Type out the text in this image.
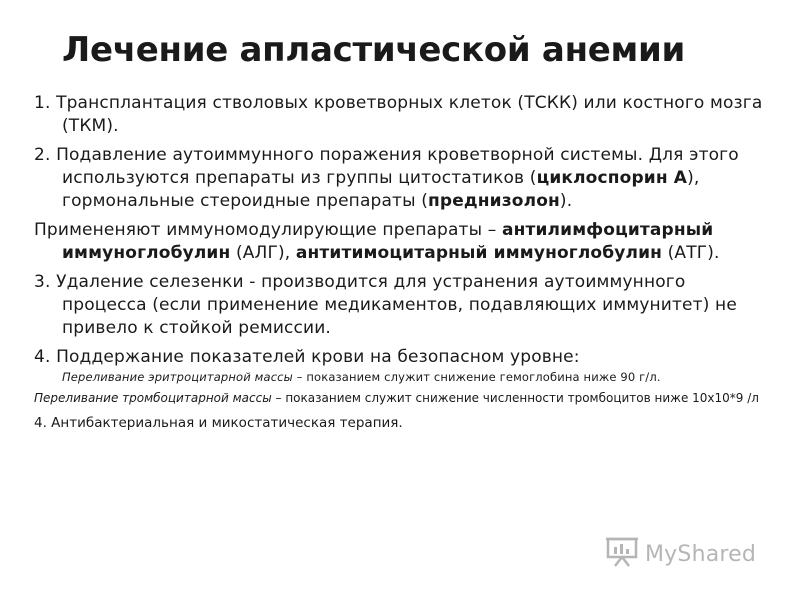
Лечение апластической анемии
1. Трансплантация стволовых кроветворных клеток (ТСКК) или костного мозга (ТКМ).
2. Подавление аутоиммунного поражения кроветворной системы. Для этого используются препараты из группы цитостатиков (циклоспорин А), гормональные стероидные препараты (преднизолон).
Примененяют иммуномодулирующие препараты – антилимфоцитарный иммуноглобулин (АЛГ), антитимоцитарный иммуноглобулин (АТГ).
3. Удаление селезенки - производится для устранения аутоиммунного процесса (если применение медикаментов, подавляющих иммунитет) не привело к стойкой ремиссии.
4. Поддержание показателей крови на безопасном уровне:
Переливание эритроцитарной массы – показанием служит снижение гемоглобина ниже 90 г/л.
Переливание тромбоцитарной массы – показанием служит снижение численности тромбоцитов ниже 10х10*9 /л
4. Антибактериальная и микостатическая терапия.
MyShared
